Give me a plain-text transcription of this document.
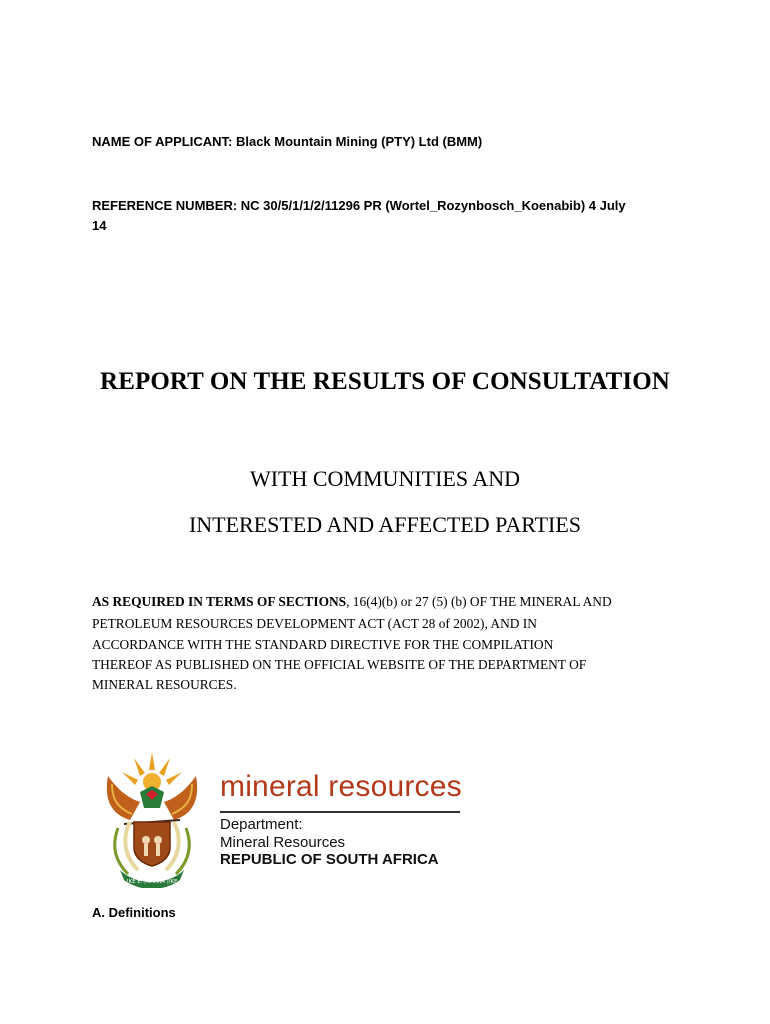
NAME OF APPLICANT: Black Mountain Mining (PTY) Ltd (BMM)
REFERENCE NUMBER: NC 30/5/1/1/2/11296 PR (Wortel_Rozynbosch_Koenabib) 4 July
14
REPORT ON THE RESULTS OF CONSULTATION
WITH COMMUNITIES AND
INTERESTED AND AFFECTED PARTIES
AS REQUIRED IN TERMS OF SECTIONS, 16(4)(b) or 27 (5) (b) OF THE MINERAL AND
PETROLEUM RESOURCES DEVELOPMENT ACT (ACT 28 of 2002), AND IN
ACCORDANCE WITH THE STANDARD DIRECTIVE FOR THE COMPILATION
THEREOF AS PUBLISHED ON THE OFFICIAL WEBSITE OF THE DEPARTMENT OF
MINERAL RESOURCES.
!KE E: /XARRA //KE
mineral resources
Department:
Mineral Resources
REPUBLIC OF SOUTH AFRICA
A. Definitions
